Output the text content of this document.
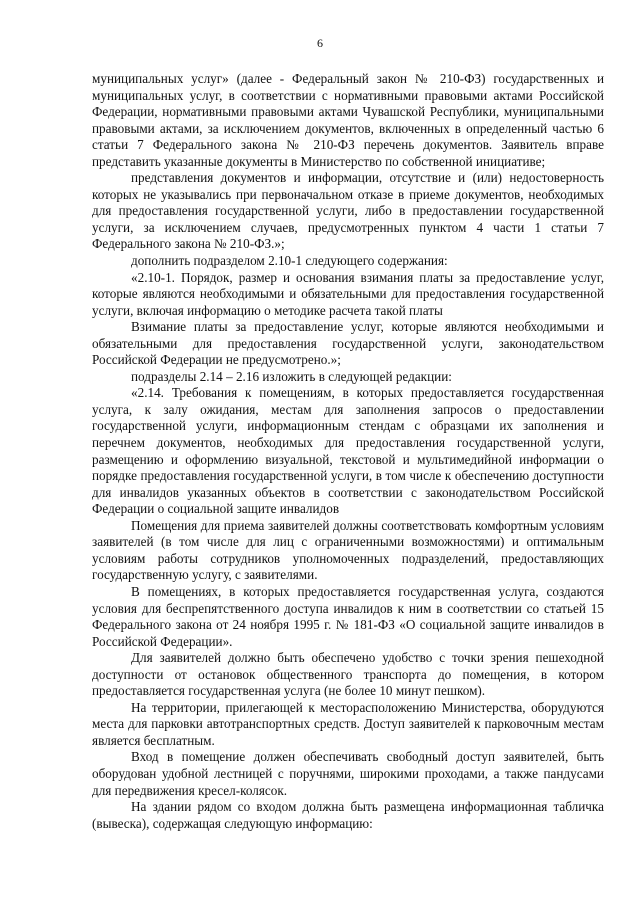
6

муниципальных услуг» (далее - Федеральный закон № 210-ФЗ) государственных и муниципальных услуг, в соответствии с нормативными правовыми актами Российской Федерации, нормативными правовыми актами Чувашской Республики, муниципальными правовыми актами, за исключением документов, включенных в определенный частью 6 статьи 7 Федерального закона № 210-ФЗ перечень документов. Заявитель вправе представить указанные документы в Министерство по собственной инициативе;

представления документов и информации, отсутствие и (или) недостоверность которых не указывались при первоначальном отказе в приеме документов, необходимых для предоставления государственной услуги, либо в предоставлении государственной услуги, за исключением случаев, предусмотренных пунктом 4 части 1 статьи 7 Федерального закона № 210-ФЗ.»;

дополнить подразделом 2.10-1 следующего содержания:

«2.10-1. Порядок, размер и основания взимания платы за предоставление услуг, которые являются необходимыми и обязательными для предоставления государственной услуги, включая информацию о методике расчета такой платы

Взимание платы за предоставление услуг, которые являются необходимыми и обязательными для предоставления государственной услуги, законодательством Российской Федерации не предусмотрено.»;

подразделы 2.14 – 2.16 изложить в следующей редакции:

«2.14. Требования к помещениям, в которых предоставляется государственная услуга, к залу ожидания, местам для заполнения запросов о предоставлении государственной услуги, информационным стендам с образцами их заполнения и перечнем документов, необходимых для предоставления государственной услуги, размещению и оформлению визуальной, текстовой и мультимедийной информации о порядке предоставления государственной услуги, в том числе к обеспечению доступности для инвалидов указанных объектов в соответствии с законодательством Российской Федерации о социальной защите инвалидов

Помещения для приема заявителей должны соответствовать комфортным условиям заявителей (в том числе для лиц с ограниченными возможностями) и оптимальным условиям работы сотрудников уполномоченных подразделений, предоставляющих государственную услугу, с заявителями.

В помещениях, в которых предоставляется государственная услуга, создаются условия для беспрепятственного доступа инвалидов к ним в соответствии со статьей 15 Федерального закона от 24 ноября 1995 г. № 181-ФЗ «О социальной защите инвалидов в Российской Федерации».

Для заявителей должно быть обеспечено удобство с точки зрения пешеходной доступности от остановок общественного транспорта до помещения, в котором предоставляется государственная услуга (не более 10 минут пешком).

На территории, прилегающей к месторасположению Министерства, оборудуются места для парковки автотранспортных средств. Доступ заявителей к парковочным местам является бесплатным.

Вход в помещение должен обеспечивать свободный доступ заявителей, быть оборудован удобной лестницей с поручнями, широкими проходами, а также пандусами для передвижения кресел-колясок.

На здании рядом со входом должна быть размещена информационная табличка (вывеска), содержащая следующую информацию:
